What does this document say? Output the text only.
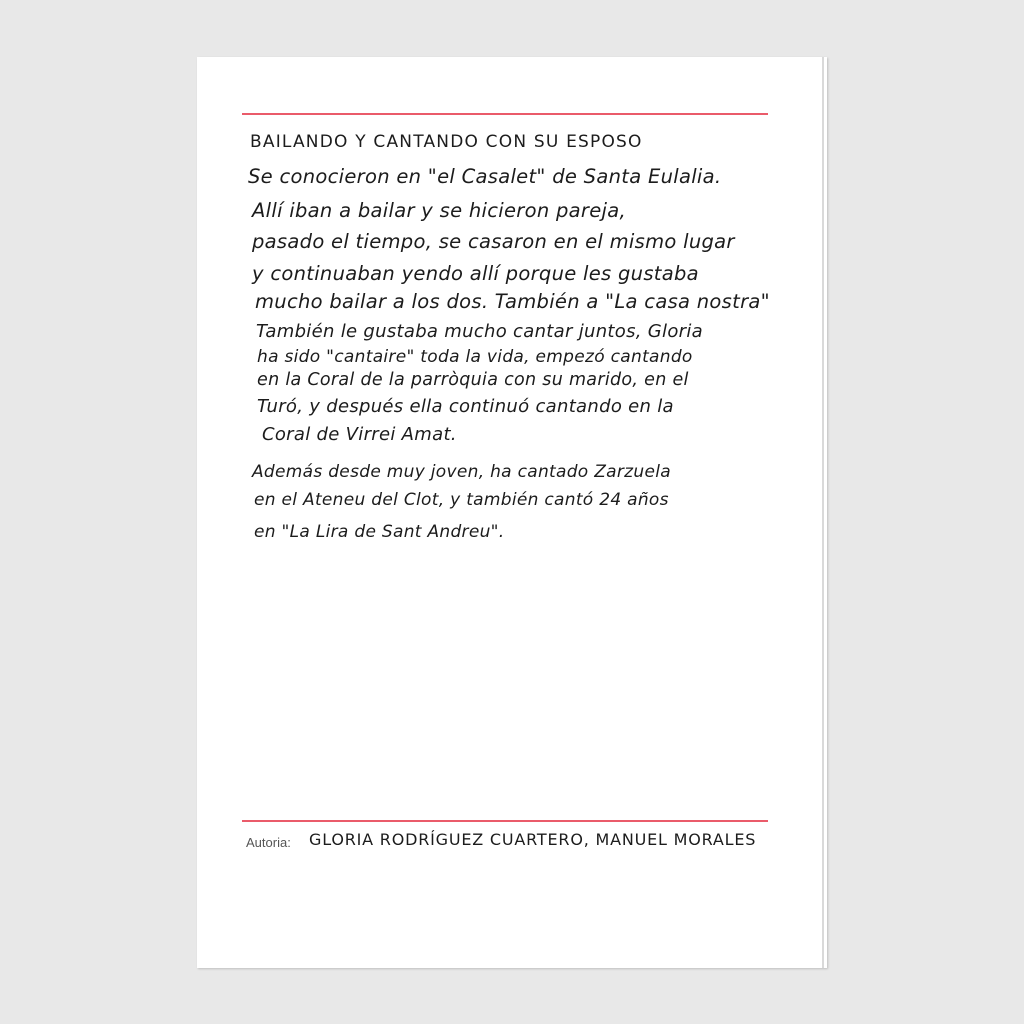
BAILANDO Y CANTANDO CON SU ESPOSO
Se conocieron en "el Casalet" de Santa Eulalia.
Allí iban a bailar y se hicieron pareja,
pasado el tiempo, se casaron en el mismo lugar
y continuaban yendo allí porque les gustaba
mucho bailar a los dos. También a "La casa nostra"
También le gustaba mucho cantar juntos, Gloria
ha sido "cantaire" toda la vida, empezó cantando
en la Coral de la parròquia con su marido, en el
Turó, y después ella continuó cantando en la
Coral de Virrei Amat.
Además desde muy joven, ha cantado Zarzuela
en el Ateneu del Clot, y también cantó 24 años
en "La Lira de Sant Andreu".
Autoria: GLORIA RODRÍGUEZ CUARTERO, MANUEL MORALES
